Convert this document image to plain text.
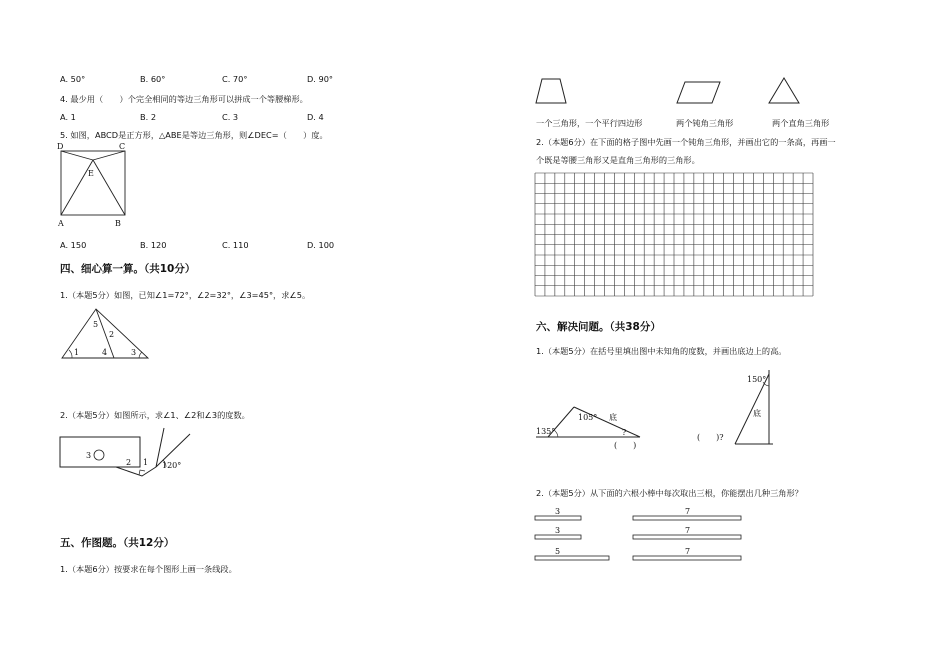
A. 50°	B. 60°	C. 70°	D. 90°
4. 最少用（　　）个完全相同的等边三角形可以拼成一个等腰梯形。
A. 1	B. 2	C. 3	D. 4
5. 如图，ABCD是正方形，△ABE是等边三角形，则∠DEC=（　　）度。
D	C
E
A	B
A. 150	B. 120	C. 110	D. 100
四、细心算一算。（共10分）
1.（本题5分）如图，已知∠1=72°，∠2=32°，∠3=45°，求∠5。
5
2
1	4	3
2.（本题5分）如图所示，求∠1、∠2和∠3的度数。
3
2 1 120°
五、作图题。（共12分）
1.（本题6分）按要求在每个图形上画一条线段。
一个三角形，一个平行四边形	两个钝角三角形	两个直角三角形
2.（本题6分）在下面的格子图中先画一个钝角三角形，并画出它的一条高，再画一
个既是等腰三角形又是直角三角形的三角形。
六、解决问题。（共38分）
1.（本题5分）在括号里填出图中未知角的度数，并画出底边上的高。
135°
105° 底
?
(　　)
150°
底
(　　)?
2.（本题5分）从下面的六根小棒中每次取出三根，你能摆出几种三角形？
3
3
5
7
7
7
